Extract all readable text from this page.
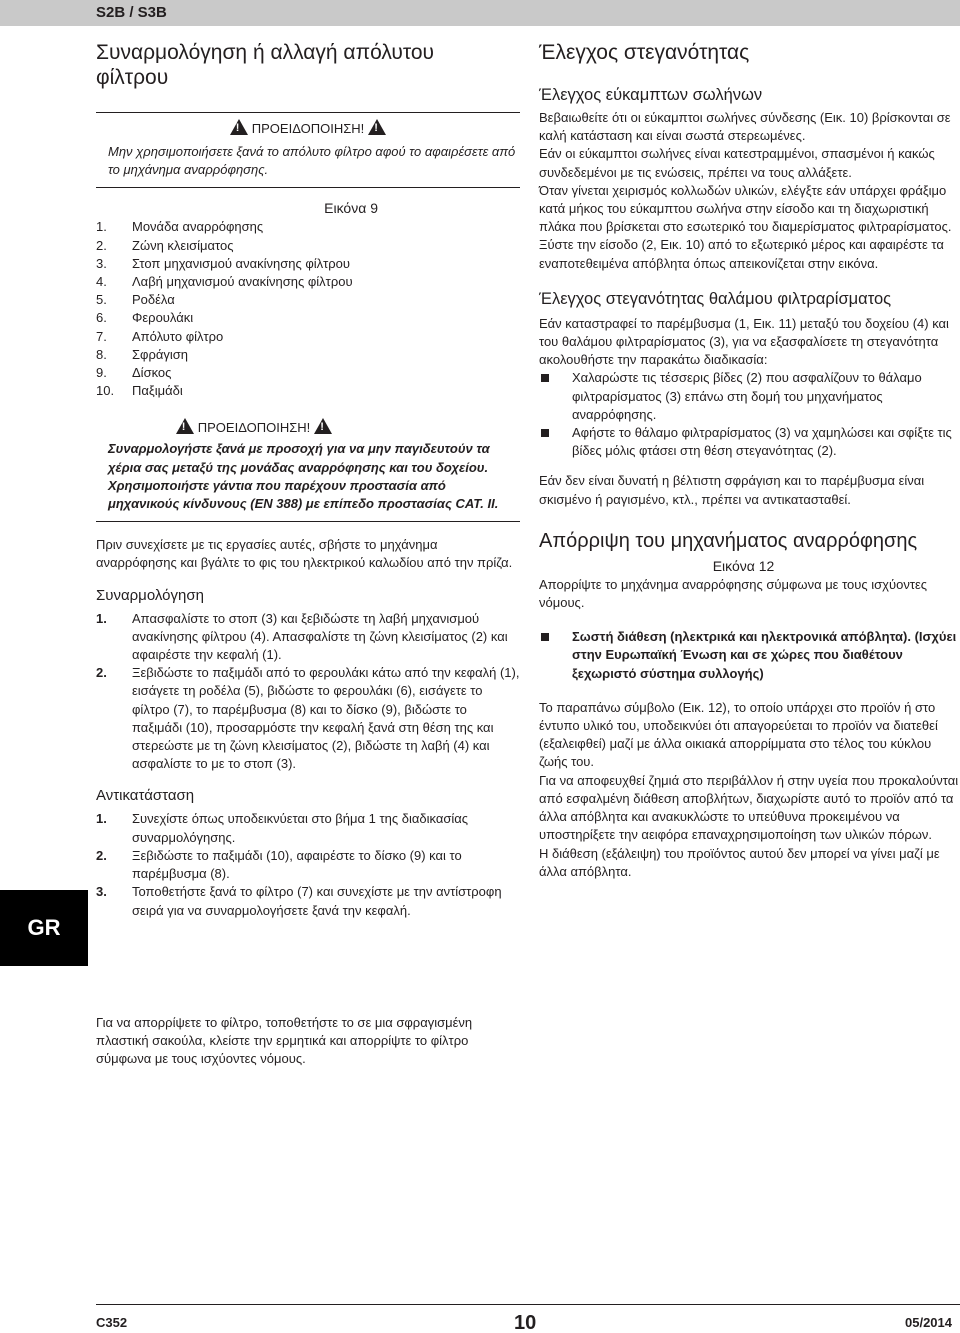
S2B / S3B
Συναρμολόγηση ή αλλαγή απόλυτου φίλτρου
!ΠΡΟΕΙΔΟΠΟΙΗΣΗ!!
Μην χρησιμοποιήσετε ξανά το απόλυτο φίλτρο αφού το αφαιρέσετε από το μηχάνημα αναρρόφησης.
Εικόνα 9
1. Μονάδα αναρρόφησης
2. Ζώνη κλεισίματος
3. Στοπ μηχανισμού ανακίνησης φίλτρου
4. Λαβή μηχανισμού ανακίνησης φίλτρου
5. Ροδέλα
6. Φερουλάκι
7. Απόλυτο φίλτρο
8. Σφράγιση
9. Δίσκος
10. Παξιμάδι
!ΠΡΟΕΙΔΟΠΟΙΗΣΗ!!
Συναρμολογήστε ξανά με προσοχή για να μην παγιδευτούν τα χέρια σας μεταξύ της μονάδας αναρρόφησης και του δοχείου. Χρησιμοποιήστε γάντια που παρέχουν προστασία από μηχανικούς κίνδυνους (EN 388) με επίπεδο προστασίας CAT. II.

Πριν συνεχίσετε με τις εργασίες αυτές, σβήστε το μηχάνημα αναρρόφησης και βγάλτε το φις του ηλεκτρικού καλωδίου από την πρίζα.

Συναρμολόγηση
1. Απασφαλίστε το στοπ (3) και ξεβιδώστε τη λαβή μηχανισμού ανακίνησης φίλτρου (4). Απασφαλίστε τη ζώνη κλεισίματος (2) και αφαιρέστε την κεφαλή (1).
2. Ξεβιδώστε το παξιμάδι από το φερουλάκι κάτω από την κεφαλή (1), εισάγετε τη ροδέλα (5), βιδώστε το φερουλάκι (6), εισάγετε το φίλτρο (7), το παρέμβυσμα (8) και το δίσκο (9), βιδώστε το παξιμάδι (10), προσαρμόστε την κεφαλή ξανά στη θέση της και στερεώστε με τη ζώνη κλεισίματος (2), βιδώστε τη λαβή (4) και ασφαλίστε το με το στοπ (3).
Αντικατάσταση
1. Συνεχίστε όπως υποδεικνύεται στο βήμα 1 της διαδικασίας συναρμολόγησης.
2. Ξεβιδώστε το παξιμάδι (10), αφαιρέστε το δίσκο (9) και το παρέμβυσμα (8).
3. Τοποθετήστε ξανά το φίλτρο (7) και συνεχίστε με την αντίστροφη σειρά για να συναρμολογήσετε ξανά την κεφαλή.

Για να απορρίψετε το φίλτρο, τοποθετήστε το σε μια σφραγισμένη πλαστική σακούλα, κλείστε την ερμητικά και απορρίψτε το φίλτρο σύμφωνα με τους ισχύοντες νόμους.

Έλεγχος στεγανότητας
Έλεγχος εύκαμπτων σωλήνων

Βεβαιωθείτε ότι οι εύκαμπτοι σωλήνες σύνδεσης (Εικ. 10) βρίσκονται σε καλή κατάσταση και είναι σωστά στερεωμένες.

Εάν οι εύκαμπτοι σωλήνες είναι κατεστραμμένοι, σπασμένοι ή κακώς συνδεδεμένοι με τις ενώσεις, πρέπει να τους αλλάξετε.

Όταν γίνεται χειρισμός κολλωδών υλικών, ελέγξτε εάν υπάρχει φράξιμο κατά μήκος του εύκαμπτου σωλήνα στην είσοδο και τη διαχωριστική πλάκα που βρίσκεται στο εσωτερικό του διαμερίσματος φιλτραρίσματος.

Ξύστε την είσοδο (2, Εικ. 10) από το εξωτερικό μέρος και αφαιρέστε τα εναποτεθειμένα απόβλητα όπως απεικονίζεται στην εικόνα.

Έλεγχος στεγανότητας θαλάμου φιλτραρίσματος

Εάν καταστραφεί το παρέμβυσμα (1, Εικ. 11) μεταξύ του δοχείου (4) και του θαλάμου φιλτραρίσματος (3), για να εξασφαλίσετε τη στεγανότητα ακολουθήστε την παρακάτω διαδικασία:

Χαλαρώστε τις τέσσερις βίδες (2) που ασφαλίζουν το θάλαμο φιλτραρίσματος (3) επάνω στη δομή του μηχανήματος αναρρόφησης.
Αφήστε το θάλαμο φιλτραρίσματος (3) να χαμηλώσει και σφίξτε τις βίδες μόλις φτάσει στη θέση στεγανότητας (2).

Εάν δεν είναι δυνατή η βέλτιστη σφράγιση και το παρέμβυσμα είναι σκισμένο ή ραγισμένο, κτλ., πρέπει να αντικατασταθεί.

Απόρριψη του μηχανήματος αναρρόφησης
Εικόνα 12

Απορρίψτε το μηχάνημα αναρρόφησης σύμφωνα με τους ισχύοντες νόμους.

Σωστή διάθεση (ηλεκτρικά και ηλεκτρονικά απόβλητα). (Ισχύει στην Ευρωπαϊκή Ένωση και σε χώρες που διαθέτουν ξεχωριστό σύστημα συλλογής)

Το παραπάνω σύμβολο (Εικ. 12), το οποίο υπάρχει στο προϊόν ή στο έντυπο υλικό του, υποδεικνύει ότι απαγορεύεται το προϊόν να διατεθεί (εξαλειφθεί) μαζί με άλλα οικιακά απορρίμματα στο τέλος του κύκλου ζωής του.

Για να αποφευχθεί ζημιά στο περιβάλλον ή στην υγεία που προκαλούνται από εσφαλμένη διάθεση αποβλήτων, διαχωρίστε αυτό το προϊόν από τα άλλα απόβλητα και ανακυκλώστε το υπεύθυνα προκειμένου να υποστηρίξετε την αειφόρα επαναχρησιμοποίηση των υλικών πόρων.

Η διάθεση (εξάλειψη) του προϊόντος αυτού δεν μπορεί να γίνει μαζί με άλλα απόβλητα.

GR
C352	10	05/2014
